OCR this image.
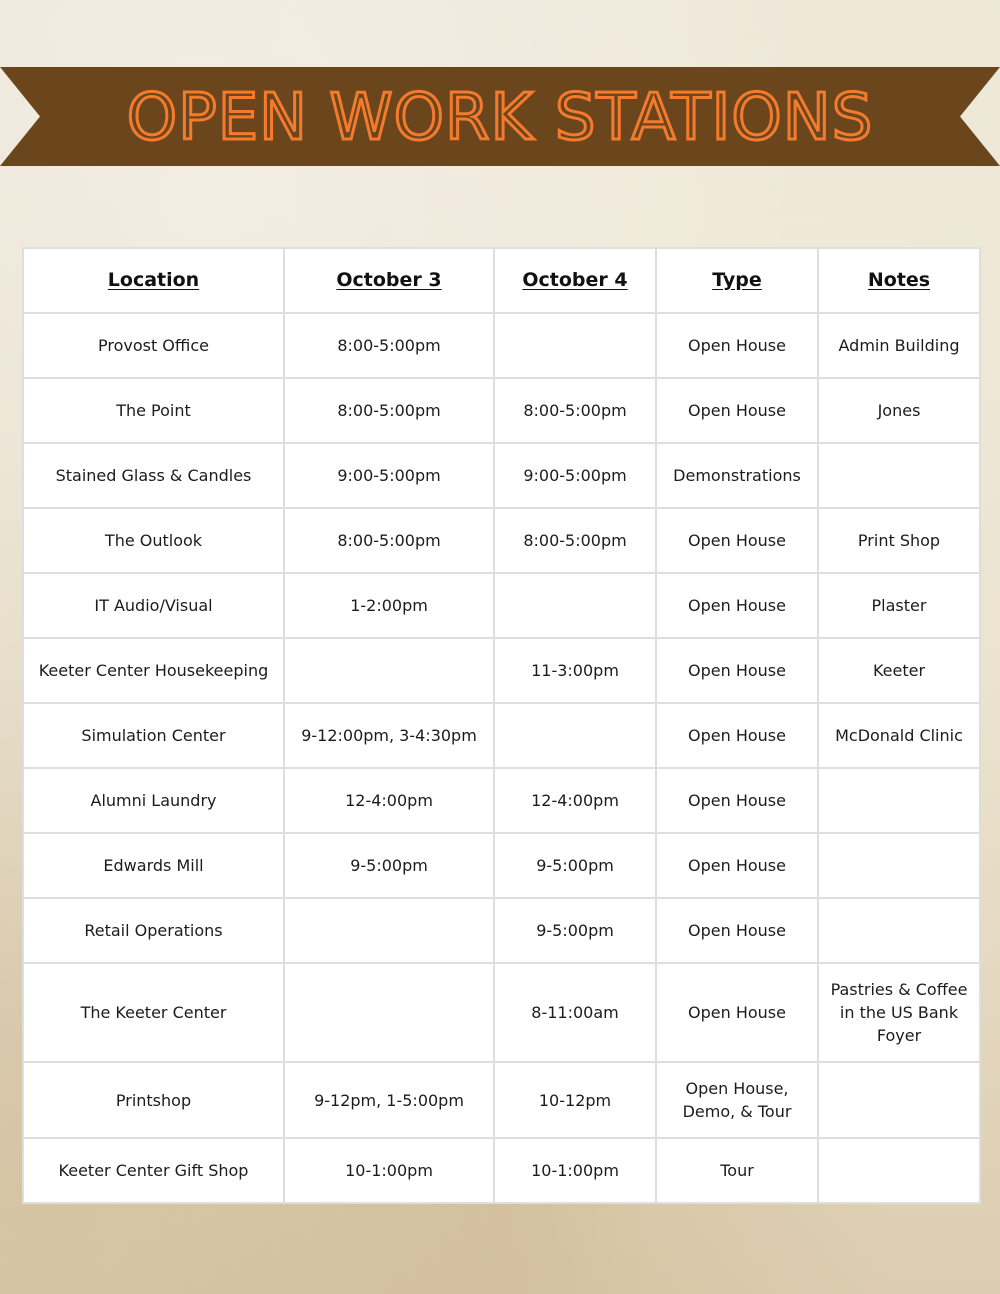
OPEN WORK STATIONS
Location	October 3	October 4	Type	Notes
Provost Office	8:00-5:00pm		Open House	Admin Building
The Point	8:00-5:00pm	8:00-5:00pm	Open House	Jones
Stained Glass & Candles	9:00-5:00pm	9:00-5:00pm	Demonstrations	
The Outlook	8:00-5:00pm	8:00-5:00pm	Open House	Print Shop
IT Audio/Visual	1-2:00pm		Open House	Plaster
Keeter Center Housekeeping		11-3:00pm	Open House	Keeter
Simulation Center	9-12:00pm, 3-4:30pm		Open House	McDonald Clinic
Alumni Laundry	12-4:00pm	12-4:00pm	Open House	
Edwards Mill	9-5:00pm	9-5:00pm	Open House	
Retail Operations		9-5:00pm	Open House	
The Keeter Center		8-11:00am	Open House	Pastries & Coffee in the US Bank Foyer
Printshop	9-12pm, 1-5:00pm	10-12pm	Open House, Demo, & Tour	
Keeter Center Gift Shop	10-1:00pm	10-1:00pm	Tour	
